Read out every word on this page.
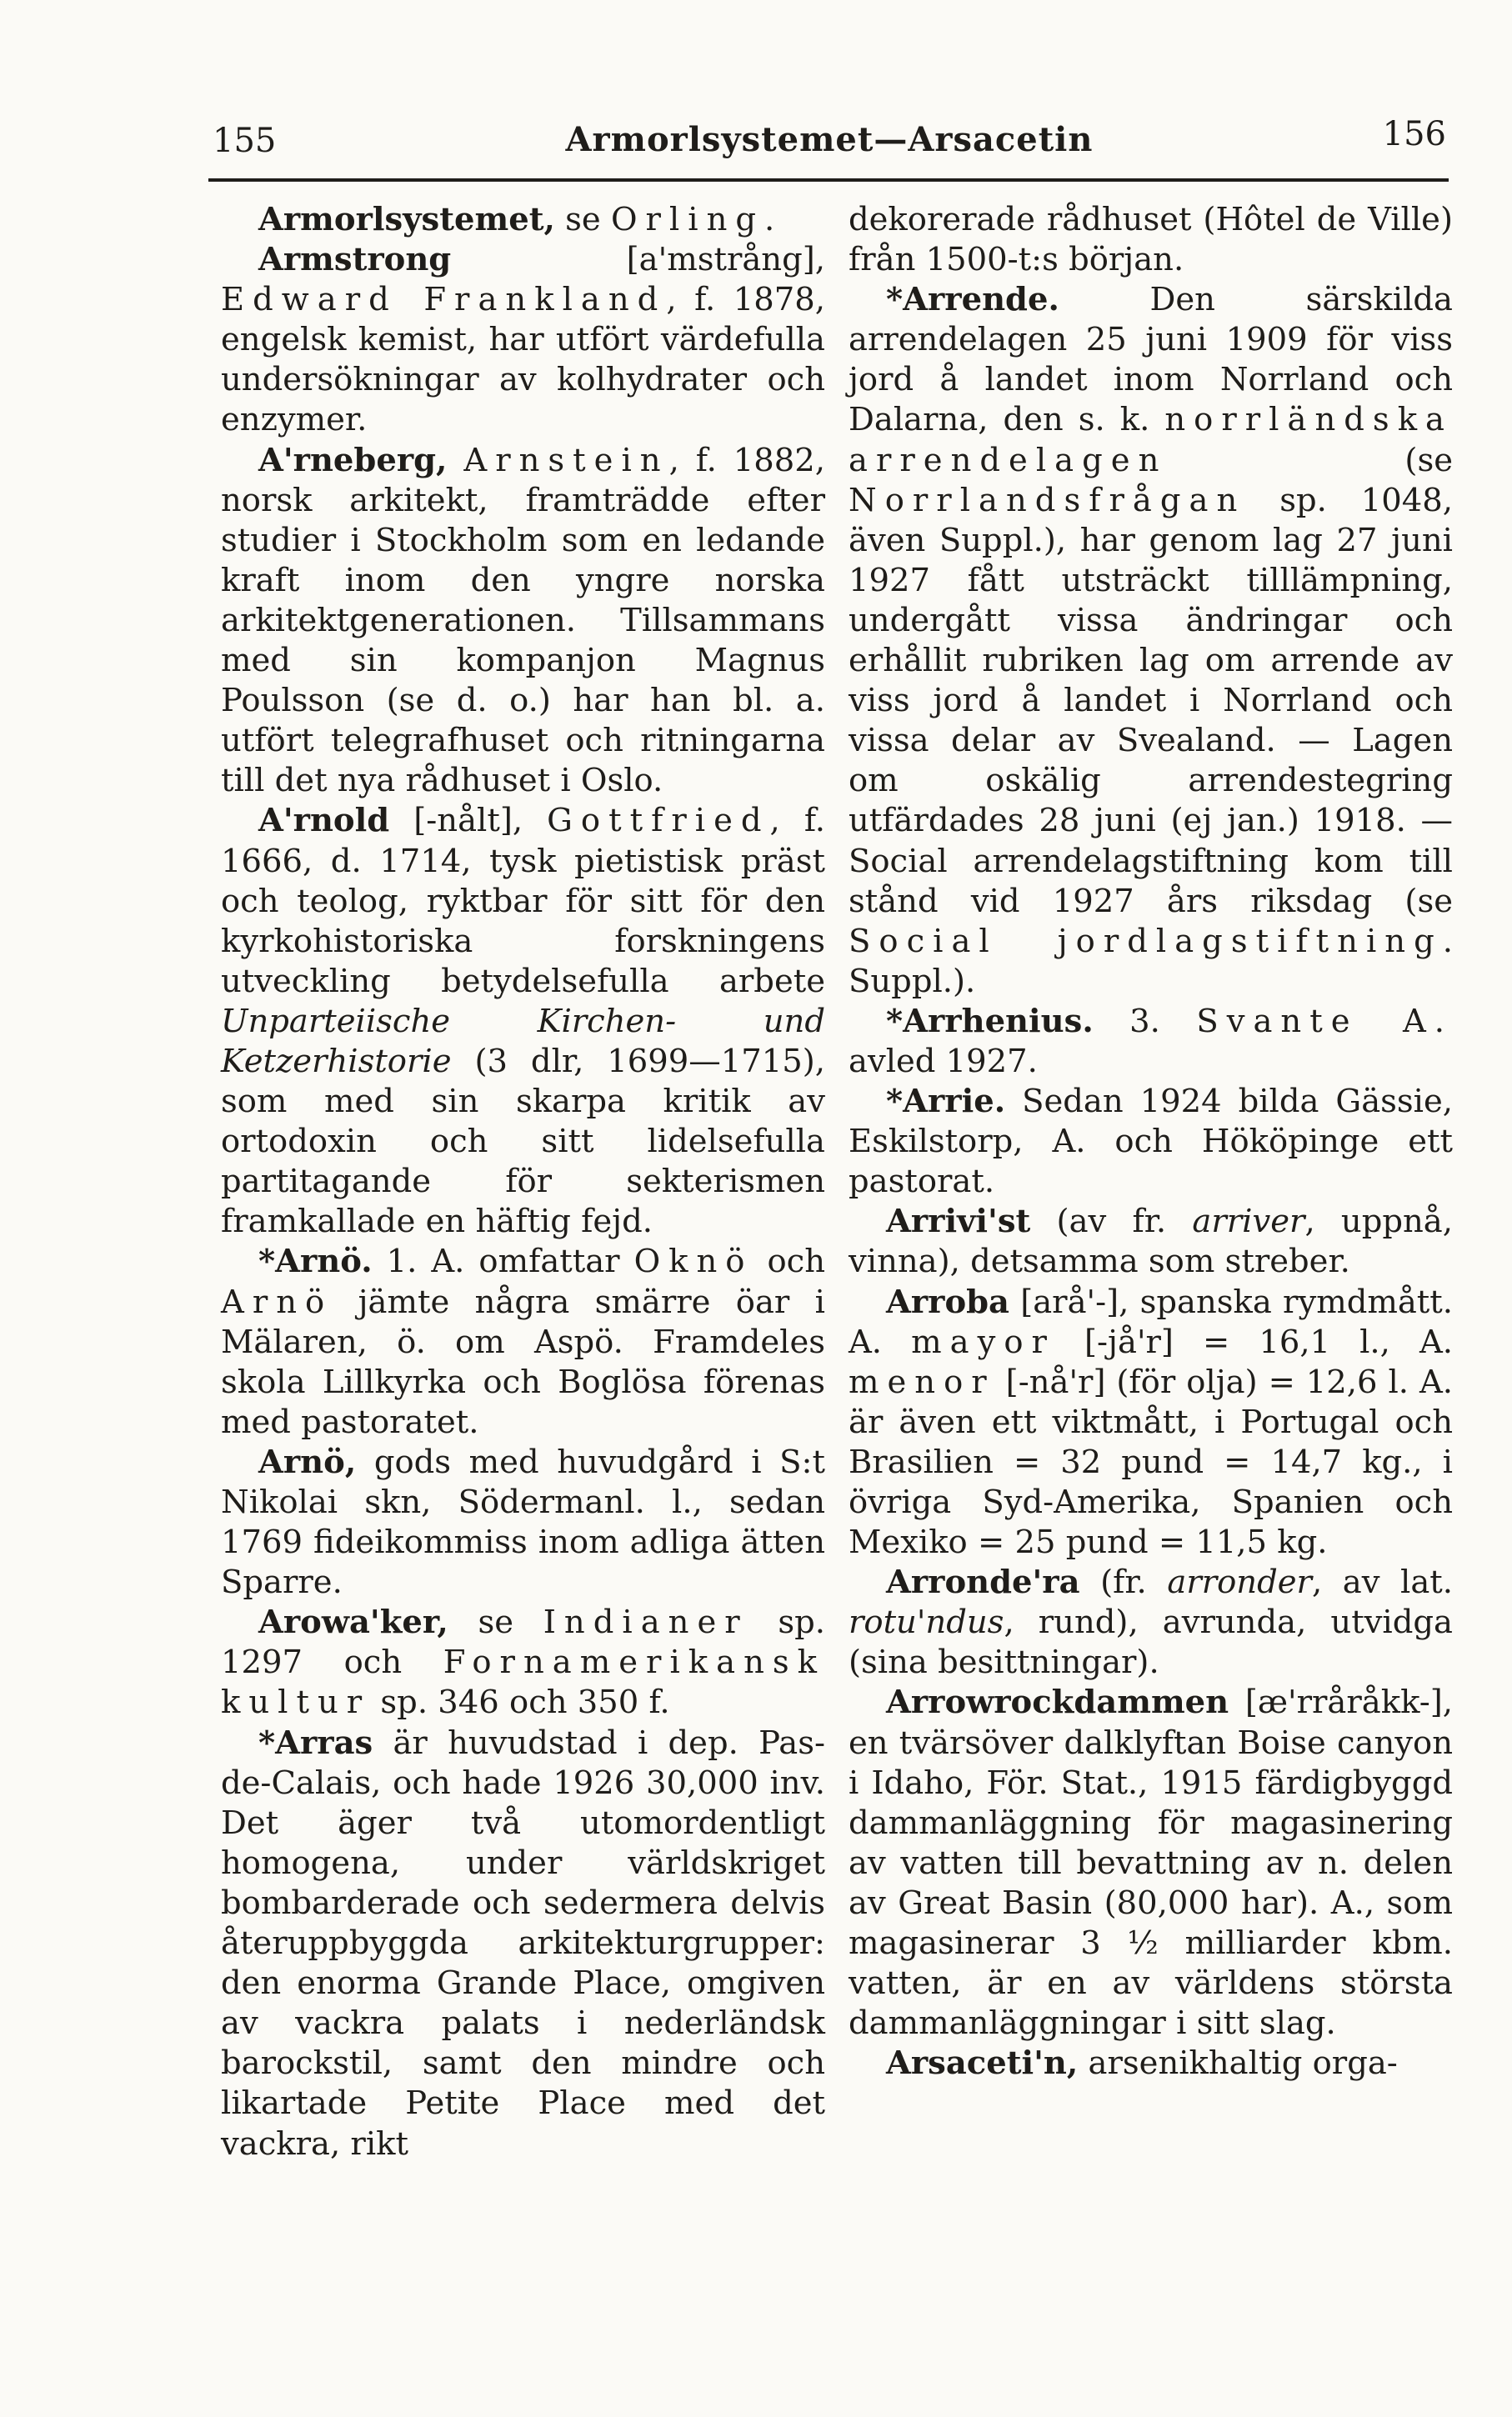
155	Armorlsystemet—Arsacetin	156

Armorlsystemet, se Orling.

Armstrong [a'mstrång], Edward Frankland, f. 1878, engelsk kemist, har utfört värdefulla undersökningar av kolhydrater och enzymer.

A'rneberg, Arnstein, f. 1882, norsk arkitekt, framträdde efter studier i Stockholm som en ledande kraft inom den yngre norska arkitektgenerationen. Tillsammans med sin kompanjon Magnus Poulsson (se d. o.) har han bl. a. utfört telegrafhuset och ritningarna till det nya rådhuset i Oslo.

A'rnold [-nålt], Gottfried, f. 1666, d. 1714, tysk pietistisk präst och teolog, ryktbar för sitt för den kyrkohistoriska forskningens utveckling betydelsefulla arbete Unparteiische Kirchen- und Ketzerhistorie (3 dlr, 1699—1715), som med sin skarpa kritik av ortodoxin och sitt lidelsefulla partitagande för sekterismen framkallade en häftig fejd.

*Arnö. 1. A. omfattar Oknö och Arnö jämte några smärre öar i Mälaren, ö. om Aspö. Framdeles skola Lillkyrka och Boglösa förenas med pastoratet.

Arnö, gods med huvudgård i S:t Nikolai skn, Södermanl. l., sedan 1769 fideikommiss inom adliga ätten Sparre.

Arowa'ker, se Indianer sp. 1297 och Fornamerikansk kultur sp. 346 och 350 f.

*Arras är huvudstad i dep. Pas-de-Calais, och hade 1926 30,000 inv. Det äger två utomordentligt homogena, under världskriget bombarderade och sedermera delvis återuppbyggda arkitekturgrupper: den enorma Grande Place, omgiven av vackra palats i nederländsk barockstil, samt den mindre och likartade Petite Place med det vackra, rikt

dekorerade rådhuset (Hôtel de Ville) från 1500-t:s början.

*Arrende. Den särskilda arrendelagen 25 juni 1909 för viss jord å landet inom Norrland och Dalarna, den s. k. norrländska arrendelagen (se Norrlandsfrågan sp. 1048, även Suppl.), har genom lag 27 juni 1927 fått utsträckt tilllämpning, undergått vissa ändringar och erhållit rubriken lag om arrende av viss jord å landet i Norrland och vissa delar av Svealand. — Lagen om oskälig arrendestegring utfärdades 28 juni (ej jan.) 1918. — Social arrendelagstiftning kom till stånd vid 1927 års riksdag (se Social jordlagstiftning. Suppl.).

*Arrhenius. 3. Svante A. avled 1927.

*Arrie. Sedan 1924 bilda Gässie, Eskilstorp, A. och Hököpinge ett pastorat.

Arrivi'st (av fr. arriver, uppnå, vinna), detsamma som streber.

Arroba [arå'-], spanska rymdmått. A. mayor [-jå'r] = 16,1 l., A. menor [-nå'r] (för olja) = 12,6 l. A. är även ett viktmått, i Portugal och Brasilien = 32 pund = 14,7 kg., i övriga Syd-Amerika, Spanien och Mexiko = 25 pund = 11,5 kg.

Arronde'ra (fr. arronder, av lat. rotu'ndus, rund), avrunda, utvidga (sina besittningar).

Arrowrockdammen [æ'rråråkk-], en tvärsöver dalklyftan Boise canyon i Idaho, För. Stat., 1915 färdigbyggd dammanläggning för magasinering av vatten till bevattning av n. delen av Great Basin (80,000 har). A., som magasinerar 3 ½ milliarder kbm. vatten, är en av världens största dammanläggningar i sitt slag.

Arsaceti'n, arsenikhaltig orga-
